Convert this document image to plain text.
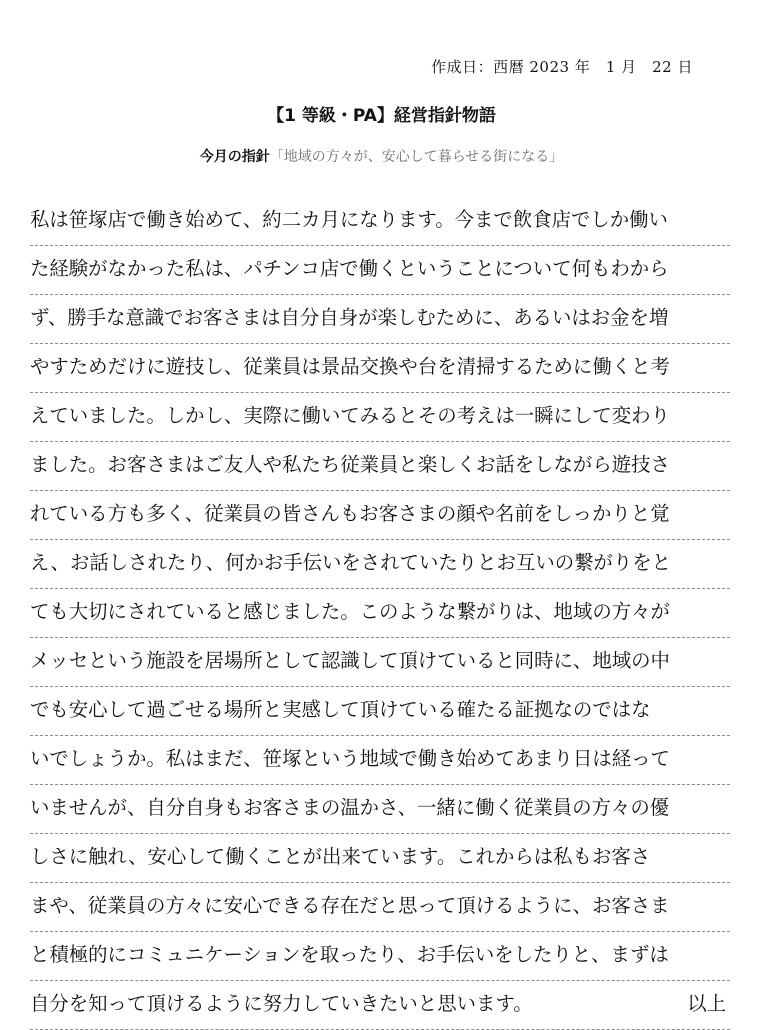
作成日：西暦 2023 年　1 月　22 日
【1 等級・PA】経営指針物語
今月の指針「地域の方々が、安心して暮らせる街になる」
私は笹塚店で働き始めて、約二カ月になります。今まで飲食店でしか働い
た経験がなかった私は、パチンコ店で働くということについて何もわから
ず、勝手な意識でお客さまは自分自身が楽しむために、あるいはお金を増
やすためだけに遊技し、従業員は景品交換や台を清掃するために働くと考
えていました。しかし、実際に働いてみるとその考えは一瞬にして変わり
ました。お客さまはご友人や私たち従業員と楽しくお話をしながら遊技さ
れている方も多く、従業員の皆さんもお客さまの顔や名前をしっかりと覚
え、お話しされたり、何かお手伝いをされていたりとお互いの繋がりをと
ても大切にされていると感じました。このような繋がりは、地域の方々が
メッセという施設を居場所として認識して頂けていると同時に、地域の中
でも安心して過ごせる場所と実感して頂けている確たる証拠なのではな
いでしょうか。私はまだ、笹塚という地域で働き始めてあまり日は経って
いませんが、自分自身もお客さまの温かさ、一緒に働く従業員の方々の優
しさに触れ、安心して働くことが出来ています。これからは私もお客さ
まや、従業員の方々に安心できる存在だと思って頂けるように、お客さま
と積極的にコミュニケーションを取ったり、お手伝いをしたりと、まずは
自分を知って頂けるように努力していきたいと思います。	以上
